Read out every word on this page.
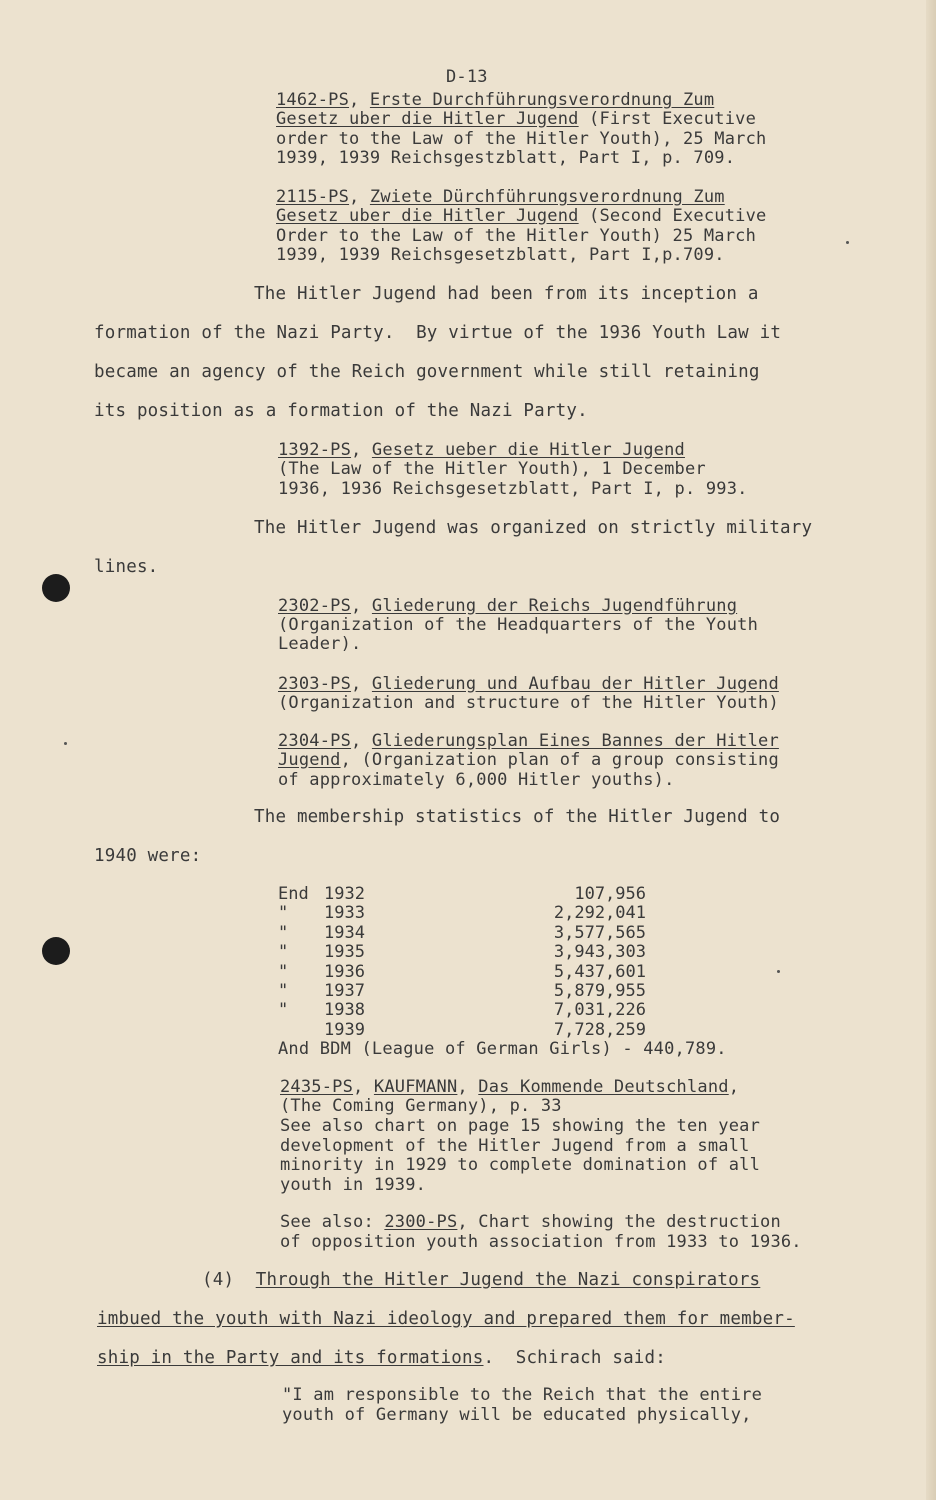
D-13
1462-PS, Erste Durchführungsverordnung Zum
Gesetz uber die Hitler Jugend (First Executive
order to the Law of the Hitler Youth), 25 March
1939, 1939 Reichsgestzblatt, Part I, p. 709.
2115-PS, Zwiete Dürchführungsverordnung Zum
Gesetz uber die Hitler Jugend (Second Executive
Order to the Law of the Hitler Youth) 25 March
1939, 1939 Reichsgesetzblatt, Part I,p.709.
The Hitler Jugend had been from its inception a
formation of the Nazi Party.  By virtue of the 1936 Youth Law it
became an agency of the Reich government while still retaining
its position as a formation of the Nazi Party.
1392-PS, Gesetz ueber die Hitler Jugend
(The Law of the Hitler Youth), 1 December
1936, 1936 Reichsgesetzblatt, Part I, p. 993.
The Hitler Jugend was organized on strictly military
lines.
2302-PS, Gliederung der Reichs Jugendführung
(Organization of the Headquarters of the Youth
Leader).
2303-PS, Gliederung und Aufbau der Hitler Jugend
(Organization and structure of the Hitler Youth)
2304-PS, Gliederungsplan Eines Bannes der Hitler
Jugend, (Organization plan of a group consisting
of approximately 6,000 Hitler youths).
The membership statistics of the Hitler Jugend to
1940 were:
End 1932	107,956
"	1933	2,292,041
"	1934	3,577,565
"	1935	3,943,303
"	1936	5,437,601
"	1937	5,879,955
"	1938	7,031,226
1939	7,728,259
And BDM (League of German Girls) - 440,789.
2435-PS, KAUFMANN, Das Kommende Deutschland,
(The Coming Germany), p. 33
See also chart on page 15 showing the ten year
development of the Hitler Jugend from a small
minority in 1929 to complete domination of all
youth in 1939.
See also: 2300-PS, Chart showing the destruction
of opposition youth association from 1933 to 1936.
(4) Through the Hitler Jugend the Nazi conspirators
imbued the youth with Nazi ideology and prepared them for member-
ship in the Party and its formations.  Schirach said:
"I am responsible to the Reich that the entire
youth of Germany will be educated physically,
